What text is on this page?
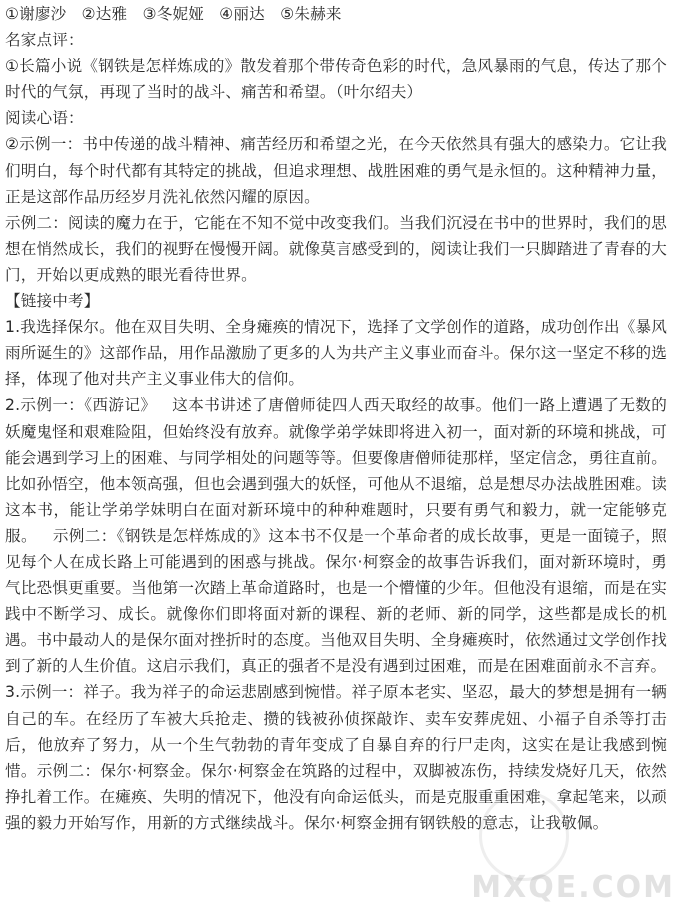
①谢廖沙   ②达雅   ③冬妮娅   ④丽达   ⑤朱赫来

名家点评：

①长篇小说《钢铁是怎样炼成的》散发着那个带传奇色彩的时代，急风暴雨的气息，传达了那个时代的气氛，再现了当时的战斗、痛苦和希望。（叶尔绍夫）

阅读心语：

②示例一：书中传递的战斗精神、痛苦经历和希望之光，在今天依然具有强大的感染力。它让我们明白，每个时代都有其特定的挑战，但追求理想、战胜困难的勇气是永恒的。这种精神力量，正是这部作品历经岁月洗礼依然闪耀的原因。

示例二：阅读的魔力在于，它能在不知不觉中改变我们。当我们沉浸在书中的世界时，我们的思想在悄然成长，我们的视野在慢慢开阔。就像莫言感受到的，阅读让我们一只脚踏进了青春的大门，开始以更成熟的眼光看待世界。

【链接中考】

1.我选择保尔。他在双目失明、全身瘫痪的情况下，选择了文学创作的道路，成功创作出《暴风雨所诞生的》这部作品，用作品激励了更多的人为共产主义事业而奋斗。保尔这一坚定不移的选择，体现了他对共产主义事业伟大的信仰。

2.示例一：《西游记》   这本书讲述了唐僧师徒四人西天取经的故事。他们一路上遭遇了无数的妖魔鬼怪和艰难险阻，但始终没有放弃。就像学弟学妹即将进入初一，面对新的环境和挑战，可能会遇到学习上的困难、与同学相处的问题等等。但要像唐僧师徒那样，坚定信念，勇往直前。比如孙悟空，他本领高强，但也会遇到强大的妖怪，可他从不退缩，总是想尽办法战胜困难。读这本书，能让学弟学妹明白在面对新环境中的种种难题时，只要有勇气和毅力，就一定能够克服。   示例二：《钢铁是怎样炼成的》这本书不仅是一个革命者的成长故事，更是一面镜子，照见每个人在成长路上可能遇到的困惑与挑战。保尔·柯察金的故事告诉我们，面对新环境时，勇气比恐惧更重要。当他第一次踏上革命道路时，也是一个懵懂的少年。但他没有退缩，而是在实践中不断学习、成长。就像你们即将面对新的课程、新的老师、新的同学，这些都是成长的机遇。书中最动人的是保尔面对挫折时的态度。当他双目失明、全身瘫痪时，依然通过文学创作找到了新的人生价值。这启示我们，真正的强者不是没有遇到过困难，而是在困难面前永不言弃。

3.示例一：祥子。我为祥子的命运悲剧感到惋惜。祥子原本老实、坚忍，最大的梦想是拥有一辆自己的车。在经历了车被大兵抢走、攒的钱被孙侦探敲诈、卖车安葬虎妞、小福子自杀等打击后，他放弃了努力，从一个生气勃勃的青年变成了自暴自弃的行尸走肉，这实在是让我感到惋惜。示例二：保尔·柯察金。保尔·柯察金在筑路的过程中，双脚被冻伤，持续发烧好几天，依然挣扎着工作。在瘫痪、失明的情况下，他没有向命运低头，而是克服重重困难，拿起笔来，以顽强的毅力开始写作，用新的方式继续战斗。保尔·柯察金拥有钢铁般的意志，让我敬佩。

MXQE.COM
